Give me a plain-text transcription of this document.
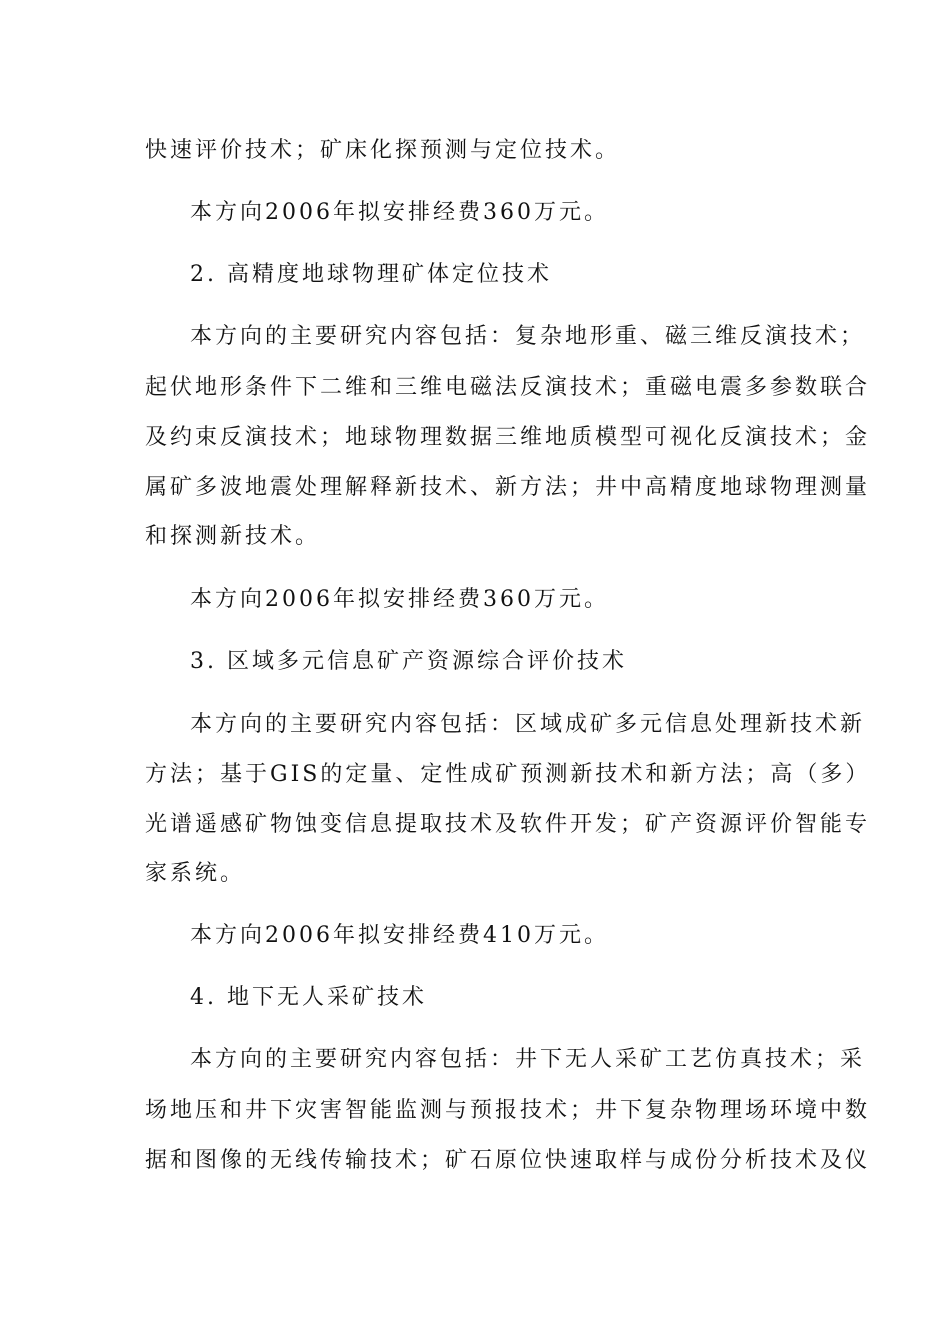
快速评价技术；矿床化探预测与定位技术。
本方向2006年拟安排经费360万元。
2. 高精度地球物理矿体定位技术
本方向的主要研究内容包括：复杂地形重、磁三维反演技术；
起伏地形条件下二维和三维电磁法反演技术；重磁电震多参数联合
及约束反演技术；地球物理数据三维地质模型可视化反演技术；金
属矿多波地震处理解释新技术、新方法；井中高精度地球物理测量
和探测新技术。
本方向2006年拟安排经费360万元。
3. 区域多元信息矿产资源综合评价技术
本方向的主要研究内容包括：区域成矿多元信息处理新技术新
方法；基于GIS的定量、定性成矿预测新技术和新方法；高（多）
光谱遥感矿物蚀变信息提取技术及软件开发；矿产资源评价智能专
家系统。
本方向2006年拟安排经费410万元。
4. 地下无人采矿技术
本方向的主要研究内容包括：井下无人采矿工艺仿真技术；采
场地压和井下灾害智能监测与预报技术；井下复杂物理场环境中数
据和图像的无线传输技术；矿石原位快速取样与成份分析技术及仪
